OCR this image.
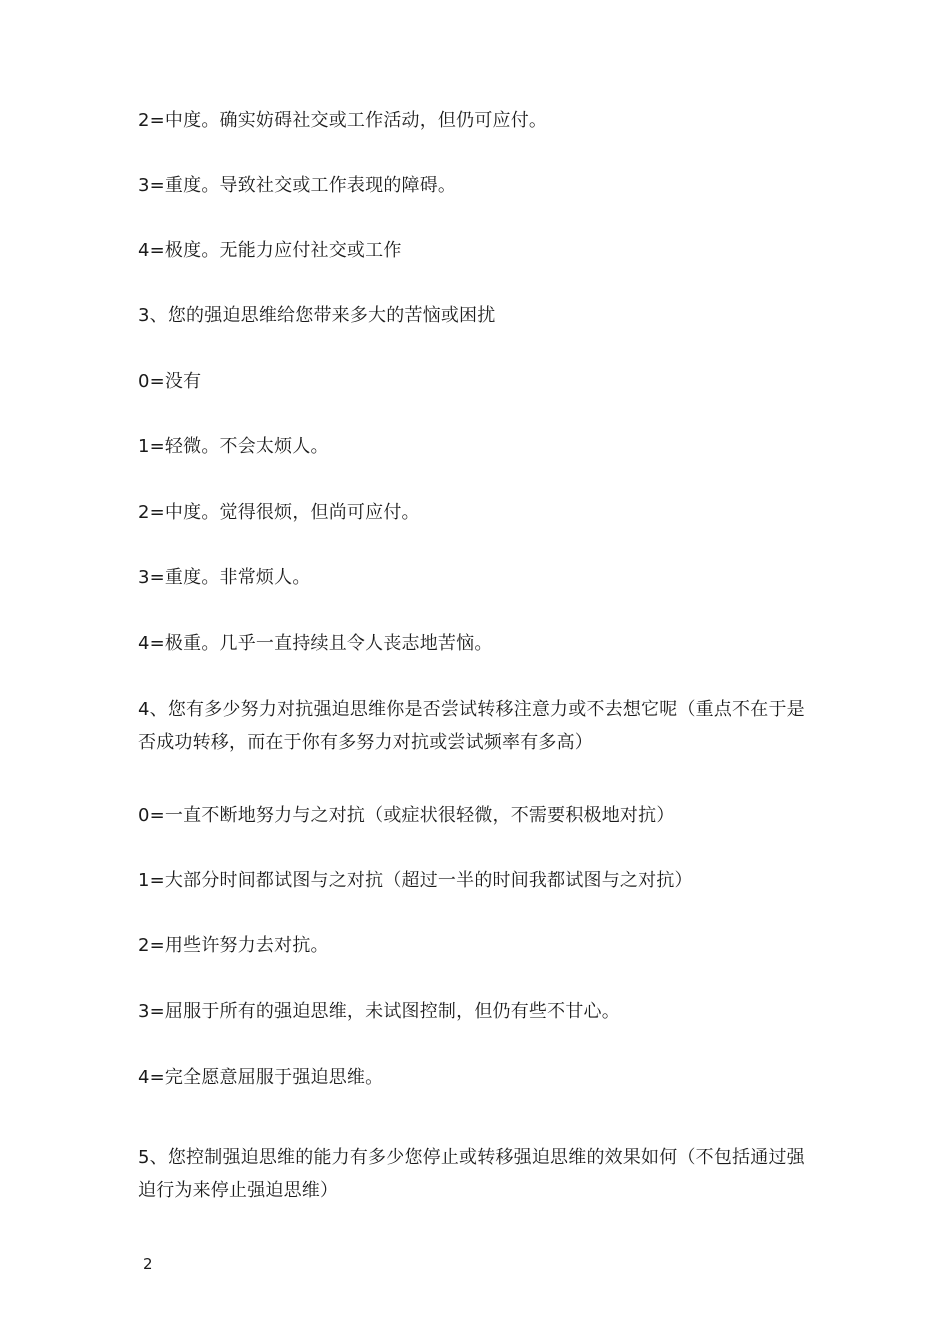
2=中度。确实妨碍社交或工作活动，但仍可应付。

3=重度。导致社交或工作表现的障碍。

4=极度。无能力应付社交或工作

3、您的强迫思维给您带来多大的苦恼或困扰

0=没有

1=轻微。不会太烦人。

2=中度。觉得很烦，但尚可应付。

3=重度。非常烦人。

4=极重。几乎一直持续且令人丧志地苦恼。

4、您有多少努力对抗强迫思维你是否尝试转移注意力或不去想它呢（重点不在于是否成功转移，而在于你有多努力对抗或尝试频率有多高）

0=一直不断地努力与之对抗（或症状很轻微，不需要积极地对抗）

1=大部分时间都试图与之对抗（超过一半的时间我都试图与之对抗）

2=用些许努力去对抗。

3=屈服于所有的强迫思维，未试图控制，但仍有些不甘心。

4=完全愿意屈服于强迫思维。

5、您控制强迫思维的能力有多少您停止或转移强迫思维的效果如何（不包括通过强迫行为来停止强迫思维）

2
